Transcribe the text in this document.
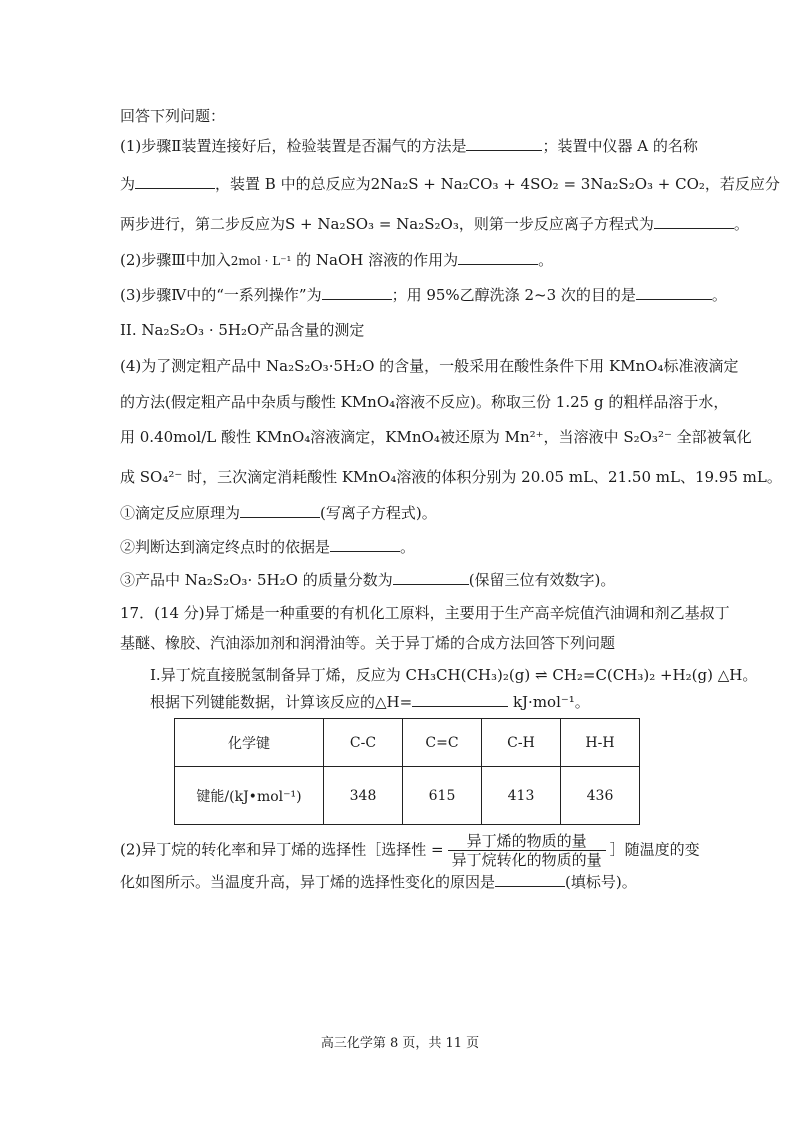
回答下列问题：
(1)步骤Ⅱ装置连接好后，检验装置是否漏气的方法是	；装置中仪器 A 的名称
为	，装置 B 中的总反应为2Na₂S + Na₂CO₃ + 4SO₂ = 3Na₂S₂O₃ + CO₂，若反应分
两步进行，第二步反应为S + Na₂SO₃ = Na₂S₂O₃，则第一步反应离子方程式为	。
(2)步骤Ⅲ中加入2mol · L⁻¹ 的 NaOH 溶液的作用为	。
(3)步骤Ⅳ中的“一系列操作”为	；用 95%乙醇洗涤 2~3 次的目的是	。
II. Na₂S₂O₃ · 5H₂O产品含量的测定
(4)为了测定粗产品中 Na₂S₂O₃·5H₂O 的含量，一般采用在酸性条件下用 KMnO₄标准液滴定
的方法(假定粗产品中杂质与酸性 KMnO₄溶液不反应)。称取三份 1.25 g 的粗样品溶于水，
用 0.40mol/L 酸性 KMnO₄溶液滴定，KMnO₄被还原为 Mn²⁺，当溶液中 S₂O₃²⁻ 全部被氧化
成 SO₄²⁻ 时，三次滴定消耗酸性 KMnO₄溶液的体积分别为 20.05 mL、21.50 mL、19.95 mL。
①滴定反应原理为	(写离子方程式)。
②判断达到滴定终点时的依据是	。
③产品中 Na₂S₂O₃· 5H₂O 的质量分数为	(保留三位有效数字)。
17．(14 分)异丁烯是一种重要的有机化工原料，主要用于生产高辛烷值汽油调和剂乙基叔丁
基醚、橡胶、汽油添加剂和润滑油等。关于异丁烯的合成方法回答下列问题
Ⅰ.异丁烷直接脱氢制备异丁烯，反应为 CH₃CH(CH₃)₂(g) ⇌ CH₂=C(CH₃)₂ +H₂(g) △H。
根据下列键能数据，计算该反应的△H=	kJ·mol⁻¹。
化学键	C-C	C=C	C-H	H-H
键能/(kJ•mol⁻¹)	348	615	413	436
(2)异丁烷的转化率和异丁烯的选择性［选择性 = $\frac{\text{异丁烯的物质的量}}{\text{异丁烷转化的物质的量}}$ ］随温度的变
化如图所示。当温度升高，异丁烯的选择性变化的原因是	(填标号)。
高三化学第 8 页，共 11 页
